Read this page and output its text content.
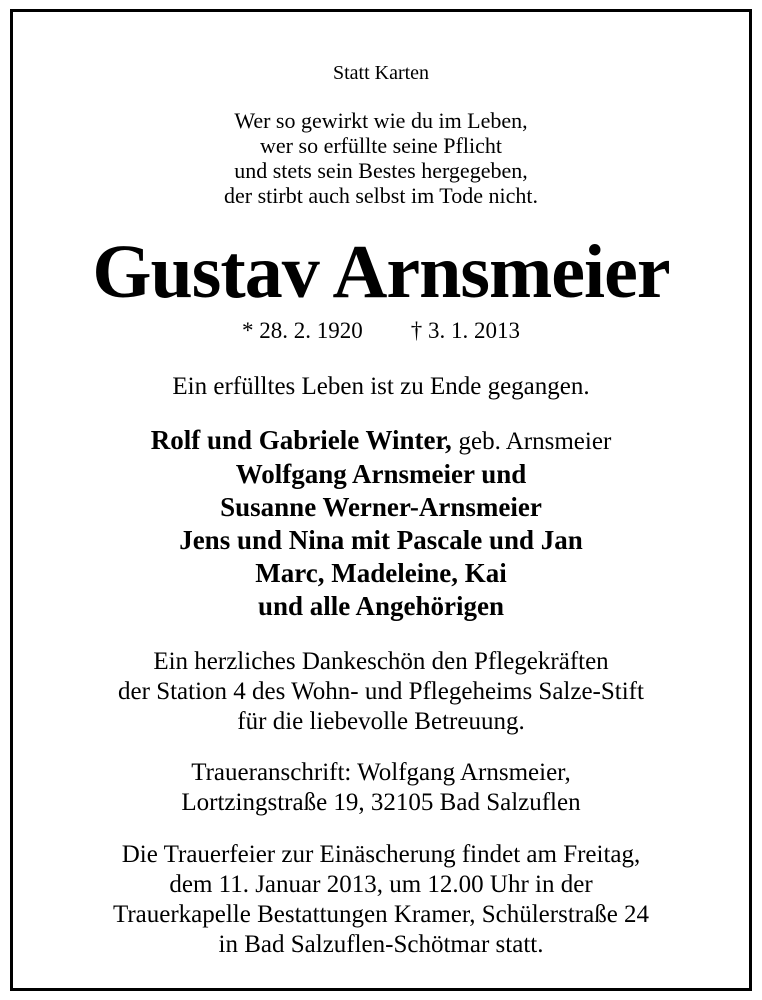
Statt Karten
Wer so gewirkt wie du im Leben,
wer so erfüllte seine Pflicht
und stets sein Bestes hergegeben,
der stirbt auch selbst im Tode nicht.
Gustav Arnsmeier
* 28. 2. 1920 † 3. 1. 2013
Ein erfülltes Leben ist zu Ende gegangen.
Rolf und Gabriele Winter, geb. Arnsmeier
Wolfgang Arnsmeier und
Susanne Werner-Arnsmeier
Jens und Nina mit Pascale und Jan
Marc, Madeleine, Kai
und alle Angehörigen
Ein herzliches Dankeschön den Pflegekräften
der Station 4 des Wohn- und Pflegeheims Salze-Stift
für die liebevolle Betreuung.
Traueranschrift: Wolfgang Arnsmeier,
Lortzingstraße 19, 32105 Bad Salzuflen
Die Trauerfeier zur Einäscherung findet am Freitag,
dem 11. Januar 2013, um 12.00 Uhr in der
Trauerkapelle Bestattungen Kramer, Schülerstraße 24
in Bad Salzuflen-Schötmar statt.
